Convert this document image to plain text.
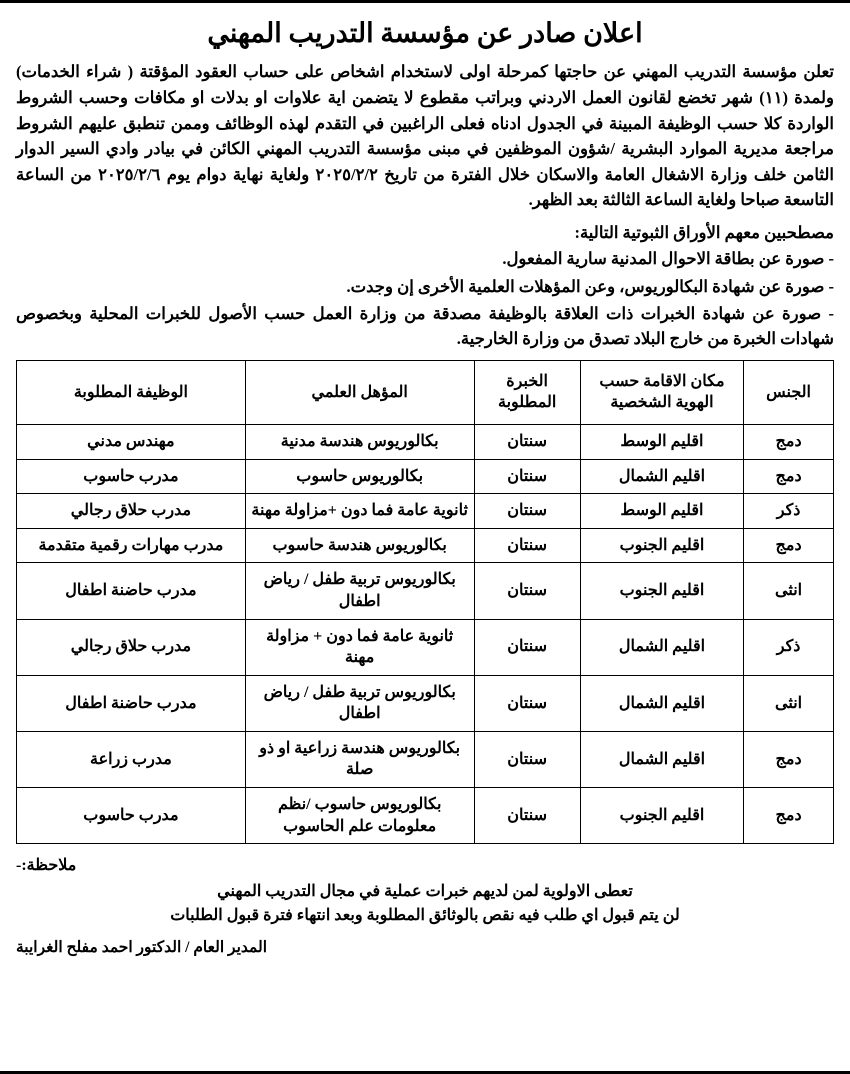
اعلان صادر عن مؤسسة التدريب المهني

تعلن مؤسسة التدريب المهني عن حاجتها كمرحلة اولى لاستخدام اشخاص على حساب العقود المؤقتة ( شراء الخدمات) ولمدة (١١) شهر تخضع لقانون العمل الاردني وبراتب مقطوع لا يتضمن اية علاوات او بدلات او مكافات وحسب الشروط الواردة كلا حسب الوظيفة المبينة في الجدول ادناه فعلى الراغبين في التقدم لهذه الوظائف وممن تنطبق عليهم الشروط مراجعة مديرية الموارد البشرية /شؤون الموظفين في مبنى مؤسسة التدريب المهني الكائن في بيادر وادي السير الدوار الثامن خلف وزارة الاشغال العامة والاسكان خلال الفترة من تاريخ ٢٠٢٥/٢/٢ ولغاية نهاية دوام يوم ٢٠٢٥/٢/٦ من الساعة التاسعة صباحا ولغاية الساعة الثالثة بعد الظهر.

مصطحبين معهم الأوراق الثبوتية التالية:
- صورة عن بطاقة الاحوال المدنية سارية المفعول.
- صورة عن شهادة البكالوريوس، وعن المؤهلات العلمية الأخرى إن وجدت.
- صورة عن شهادة الخبرات ذات العلاقة بالوظيفة مصدقة من وزارة العمل حسب الأصول للخبرات المحلية وبخصوص شهادات الخبرة من خارج البلاد تصدق من وزارة الخارجية.
الجنس	مكان الاقامة حسب الهوية الشخصية	الخبرة المطلوبة	المؤهل العلمي	الوظيفة المطلوبة
دمج	اقليم الوسط	سنتان	بكالوريوس هندسة مدنية	مهندس مدني
دمج	اقليم الشمال	سنتان	بكالوريوس حاسوب	مدرب حاسوب
ذكر	اقليم الوسط	سنتان	ثانوية عامة فما دون +مزاولة مهنة	مدرب حلاق رجالي
دمج	اقليم الجنوب	سنتان	بكالوريوس هندسة حاسوب	مدرب مهارات رقمية متقدمة
انثى	اقليم الجنوب	سنتان	بكالوريوس تربية طفل / رياض اطفال	مدرب حاضنة اطفال
ذكر	اقليم الشمال	سنتان	ثانوية عامة فما دون + مزاولة مهنة	مدرب حلاق رجالي
انثى	اقليم الشمال	سنتان	بكالوريوس تربية طفل / رياض اطفال	مدرب حاضنة اطفال
دمج	اقليم الشمال	سنتان	بكالوريوس هندسة زراعية او ذو صلة	مدرب زراعة
دمج	اقليم الجنوب	سنتان	بكالوريوس حاسوب /نظم معلومات علم الحاسوب	مدرب حاسوب
ملاحظة:-
تعطى الاولوية لمن لديهم خبرات عملية في مجال التدريب المهني
لن يتم قبول اي طلب فيه نقص بالوثائق المطلوبة وبعد انتهاء فترة قبول الطلبات
المدير العام / الدكتور احمد مفلح الغرايبة
